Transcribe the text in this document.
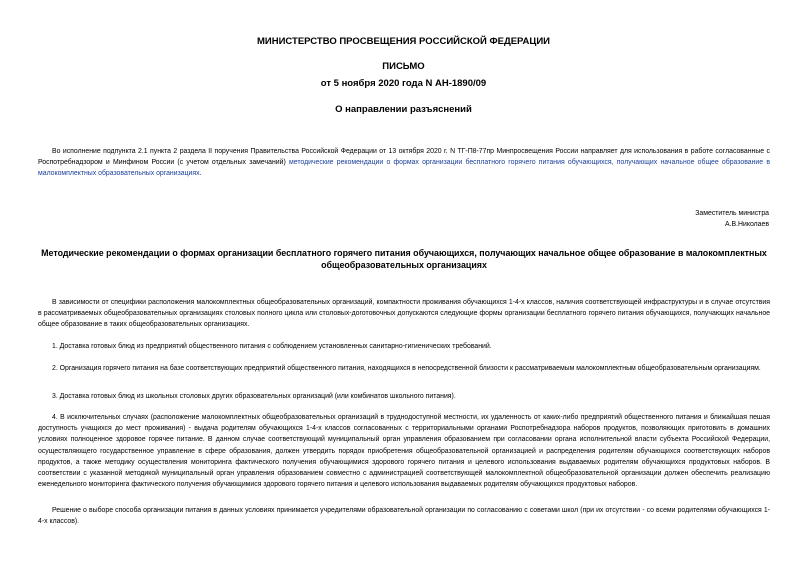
МИНИСТЕРСТВО ПРОСВЕЩЕНИЯ РОССИЙСКОЙ ФЕДЕРАЦИИ
ПИСЬМО
от 5 ноября 2020 года N АН-1890/09
О направлении разъяснений

Во исполнение подпункта 2.1 пункта 2 раздела II поручения Правительства Российской Федерации от 13 октября 2020 г. N ТГ-П8-77пр Минпросвещения России направляет для использования в работе согласованные с Роспотребнадзором и Минфином России (с учетом отдельных замечаний) методические рекомендации о формах организации бесплатного горячего питания обучающихся, получающих начальное общее образование в малокомплектных образовательных организациях.

Заместитель министра
А.В.Николаев
Методические рекомендации о формах организации бесплатного горячего питания обучающихся, получающих начальное общее образование в малокомплектных общеобразовательных организациях

В зависимости от специфики расположения малокомплектных общеобразовательных организаций, компактности проживания обучающихся 1-4-х классов, наличия соответствующей инфраструктуры и в случае отсутствия в рассматриваемых общеобразовательных организациях столовых полного цикла или столовых-доготовочных допускаются следующие формы организации бесплатного горячего питания обучающихся, получающих начальное общее образование в таких общеобразовательных организациях.

1. Доставка готовых блюд из предприятий общественного питания с соблюдением установленных санитарно-гигиенических требований.

2. Организация горячего питания на базе соответствующих предприятий общественного питания, находящихся в непосредственной близости к рассматриваемым малокомплектным общеобразовательным организациям.

3. Доставка готовых блюд из школьных столовых других образовательных организаций (или комбинатов школьного питания).

4. В исключительных случаях (расположение малокомплектных общеобразовательных организаций в труднодоступной местности, их удаленность от каких-либо предприятий общественного питания и ближайшая пешая доступность учащихся до мест проживания) - выдача родителям обучающихся 1-4-х классов согласованных с территориальными органами Роспотребнадзора наборов продуктов, позволяющих приготовить в домашних условиях полноценное здоровое горячее питание. В данном случае соответствующий муниципальный орган управления образованием при согласовании органа исполнительной власти субъекта Российской Федерации, осуществляющего государственное управление в сфере образования, должен утвердить порядок приобретения общеобразовательной организацией и распределения родителям обучающихся соответствующих наборов продуктов, а также методику осуществления мониторинга фактического получения обучающимися здорового горячего питания и целевого использования выдаваемых родителям обучающихся продуктовых наборов. В соответствии с указанной методикой муниципальный орган управления образованием совместно с администрацией соответствующей малокомплектной общеобразовательной организации должен обеспечить реализацию еженедельного мониторинга фактического получения обучающимися здорового горячего питания и целевого использования выдаваемых родителям обучающихся продуктовых наборов.

Решение о выборе способа организации питания в данных условиях принимается учредителями образовательной организации по согласованию с советами школ (при их отсутствии - со всеми родителями обучающихся 1-4-х классов).
